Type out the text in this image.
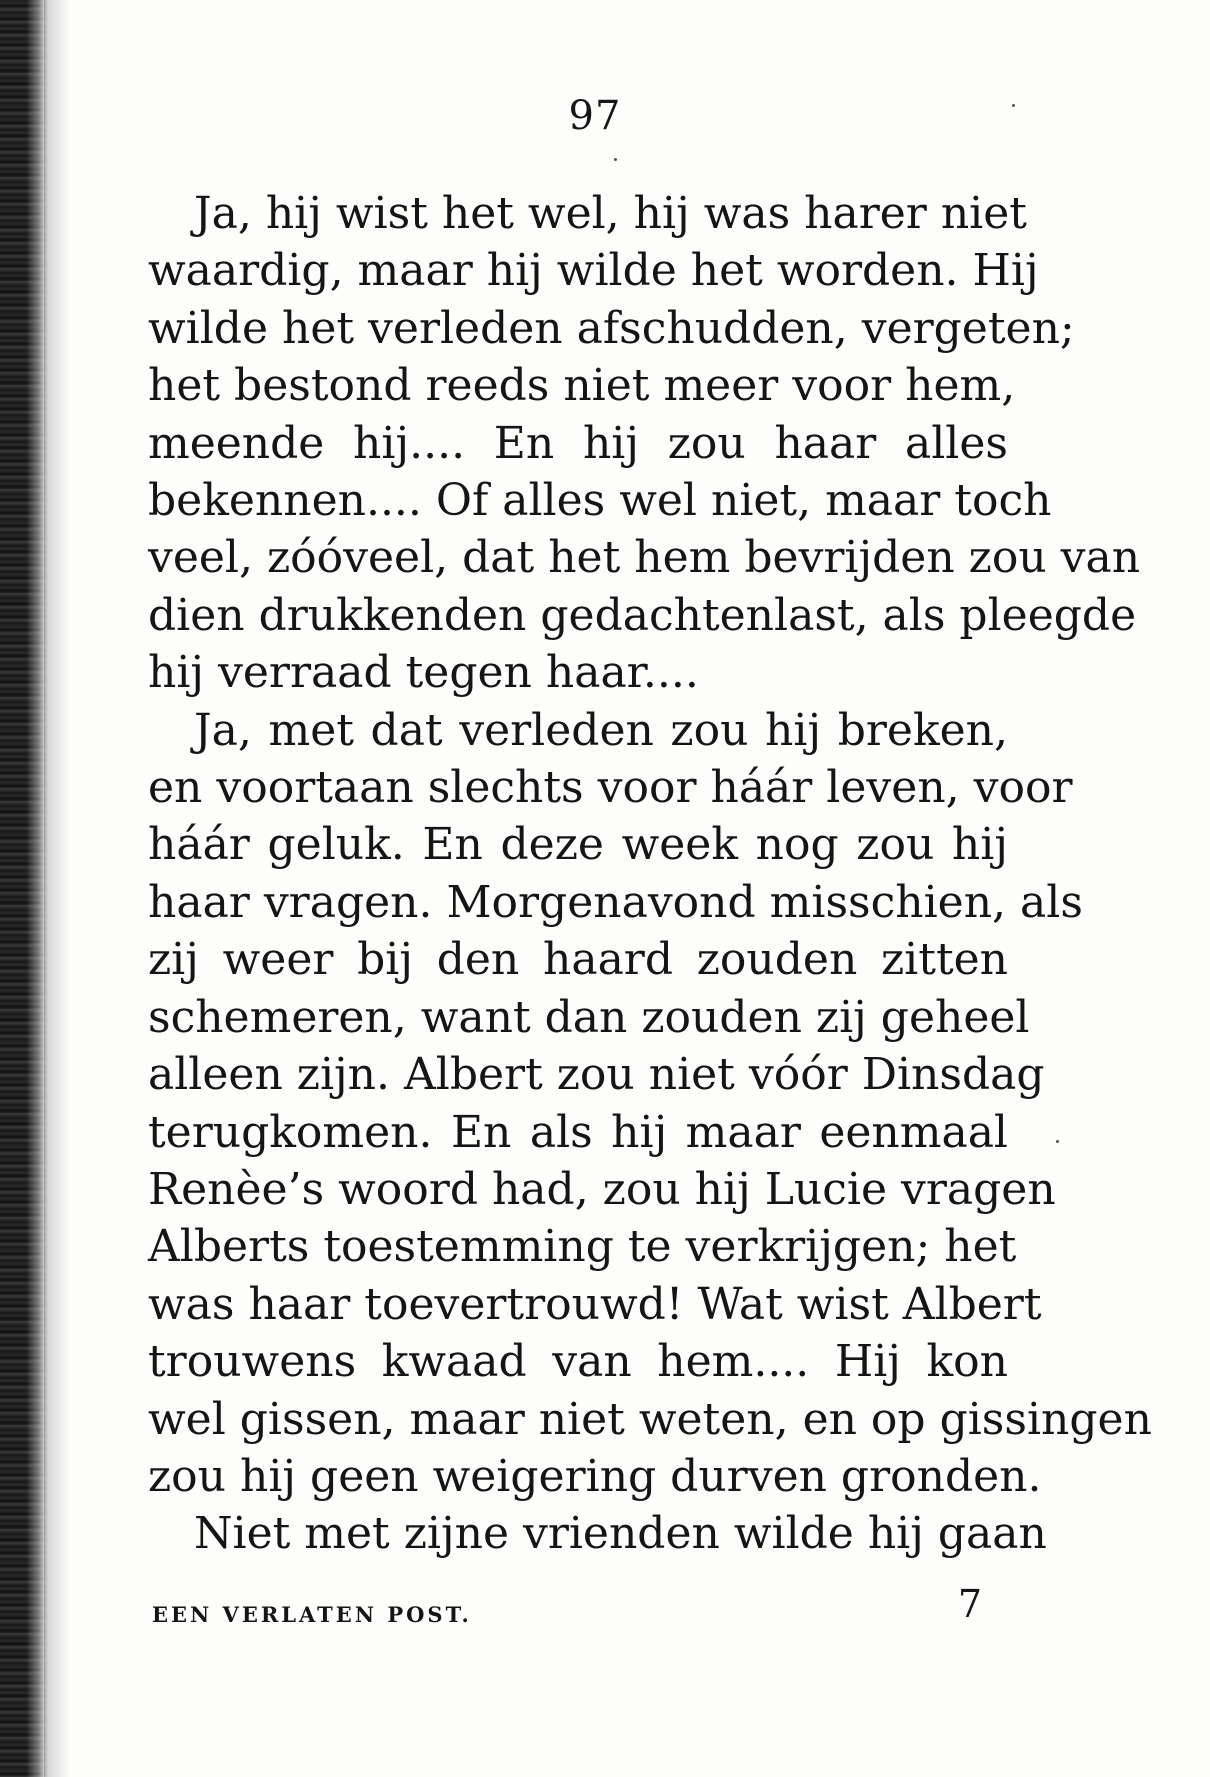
97
Ja, hij wist het wel, hij was harer niet
waardig, maar hij wilde het worden. Hij
wilde het verleden afschudden, vergeten;
het bestond reeds niet meer voor hem,
meende hij.... En hij zou haar alles
bekennen.... Of alles wel niet, maar toch
veel, zóóveel, dat het hem bevrijden zou van
dien drukkenden gedachtenlast, als pleegde
hij verraad tegen haar....
Ja, met dat verleden zou hij breken,
en voortaan slechts voor háár leven, voor
háár geluk. En deze week nog zou hij
haar vragen. Morgenavond misschien, als
zij weer bij den haard zouden zitten
schemeren, want dan zouden zij geheel
alleen zijn. Albert zou niet vóór Dinsdag
terugkomen. En als hij maar eenmaal
Renèe’s woord had, zou hij Lucie vragen
Alberts toestemming te verkrijgen; het
was haar toevertrouwd! Wat wist Albert
trouwens kwaad van hem.... Hij kon
wel gissen, maar niet weten, en op gissingen
zou hij geen weigering durven gronden.
Niet met zijne vrienden wilde hij gaan
EEN VERLATEN POST.	7
